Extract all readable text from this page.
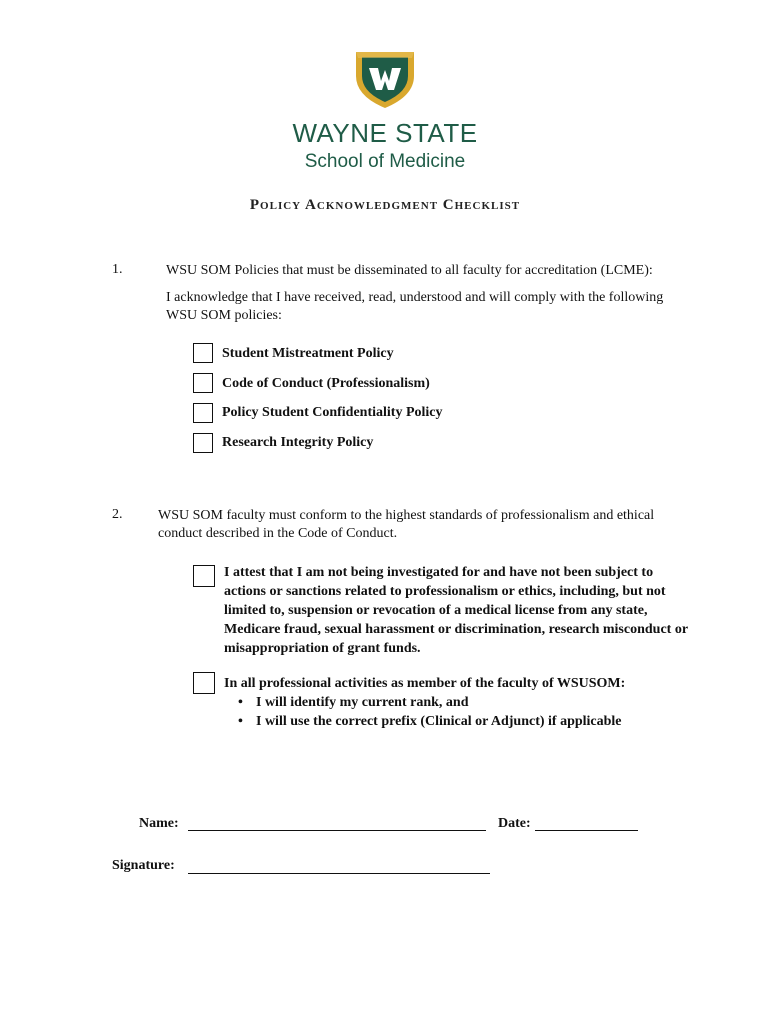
WAYNE STATE
School of Medicine
Policy Acknowledgment Checklist
1.	WSU SOM Policies that must be disseminated to all faculty for accreditation (LCME):
I acknowledge that I have received, read, understood and will comply with the following
WSU SOM policies:
Student Mistreatment Policy
Code of Conduct (Professionalism)
Policy Student Confidentiality Policy
Research Integrity Policy
2.	WSU SOM faculty must conform to the highest standards of professionalism and ethical
conduct described in the Code of Conduct.
I attest that I am not being investigated for and have not been subject to
actions or sanctions related to professionalism or ethics, including, but not
limited to, suspension or revocation of a medical license from any state,
Medicare fraud, sexual harassment or discrimination, research misconduct or
misappropriation of grant funds.
In all professional activities as member of the faculty of WSUSOM:
• I will identify my current rank, and
• I will use the correct prefix (Clinical or Adjunct) if applicable
Name:	Date:
Signature:
